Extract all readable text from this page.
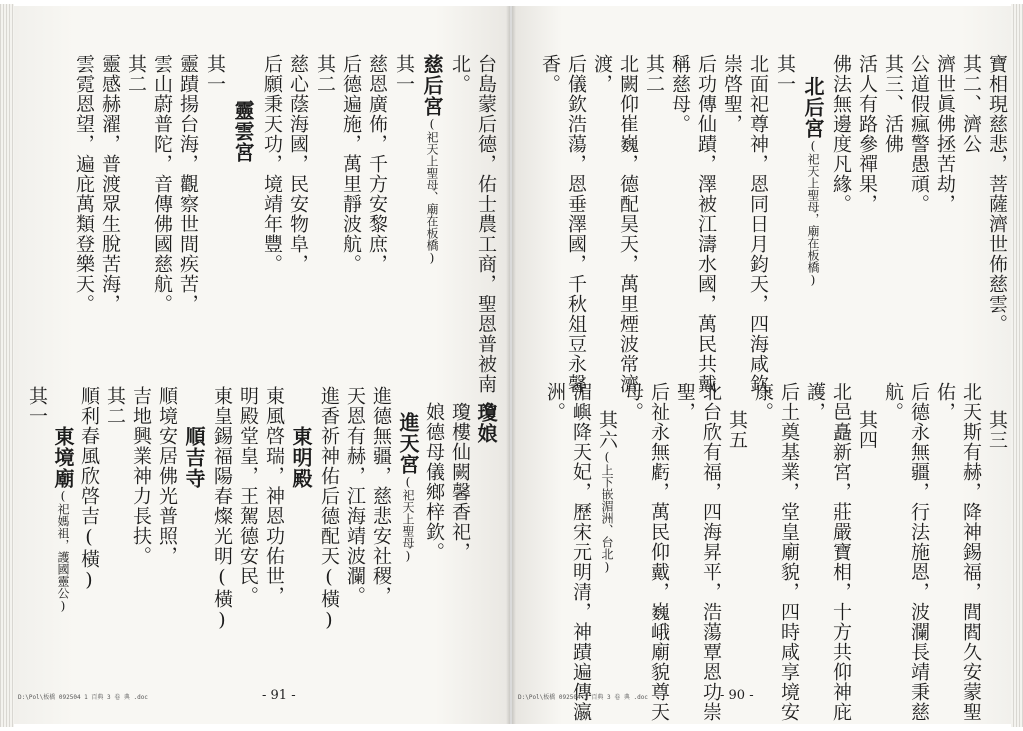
台島蒙后德，佑士農工商，聖恩普被南
北。
慈后宮(祀天上聖母、廟在板橋)
其一
慈恩廣佈，千方安黎庶，
后德遍施，萬里靜波航。
其二
慈心蔭海國，民安物阜，
后願秉天功，境靖年豐。
靈雲宮
其一
靈蹟揚台海，觀察世間疾苦，
雲山蔚普陀，音傳佛國慈航。
其二
靈感赫濯，普渡眾生脫苦海，
雲霓恩望，遍庇萬類登樂天。
瓊娘
瓊樓仙闕馨香祀，
娘德母儀鄉梓欽。
進天宮(祀天上聖母)
進德無疆，慈悲安社稷，
天恩有赫，江海靖波瀾。
進香祈神佑后德配天(橫)
東明殿
東風啓瑞，神恩功佑世，
明殿堂皇，王駕德安民。
東皇錫福陽春燦光明(橫)
順吉寺
順境安居佛光普照，
吉地興業神力長扶。
其二
順利春風欣啓吉(橫)
東境廟(祀媽祖，護國靈公)
其一
D:\Pol\板橋 092504 1 百典 3 卷 典 .doc	- 91 -
寶相現慈悲，菩薩濟世佈慈雲。
其二、濟公
濟世眞佛拯苦劫，
公道假瘋警愚頑。
其三、活佛
活人有路參禪果，
佛法無邊度凡緣。
北后宮(祀天上聖母，廟在板橋)
其一
北面祀尊神，恩同日月鈞天，四海咸欽
崇啓聖，
后功傳仙蹟，澤被江濤水國，萬民共戴
稱慈母。
其二
北闕仰崔巍，德配昊天，萬里煙波常濟
渡，
后儀欽浩蕩，恩垂澤國，千秋俎豆永馨
香。
其三
北天斯有赫，降神錫福，閭閻久安蒙聖
佑，
后德永無疆，行法施恩，波瀾長靖秉慈
航。
其四
北邑矗新宮，莊嚴寶相，十方共仰神庇
護，
后土奠基業，堂皇廟貌，四時咸享境安
康。
其五
北台欣有福，四海昇平，浩蕩覃恩功崇
聖，
后祉永無虧，萬民仰戴，巍峨廟貌尊天
母。
其六(上下嵌湄洲、台北)
湄嶼降天妃，歷宋元明清，神蹟遍傳瀛
洲。
D:\Pol\板橋 092504 1 百典 3 卷 典 .doc	- 90 -
